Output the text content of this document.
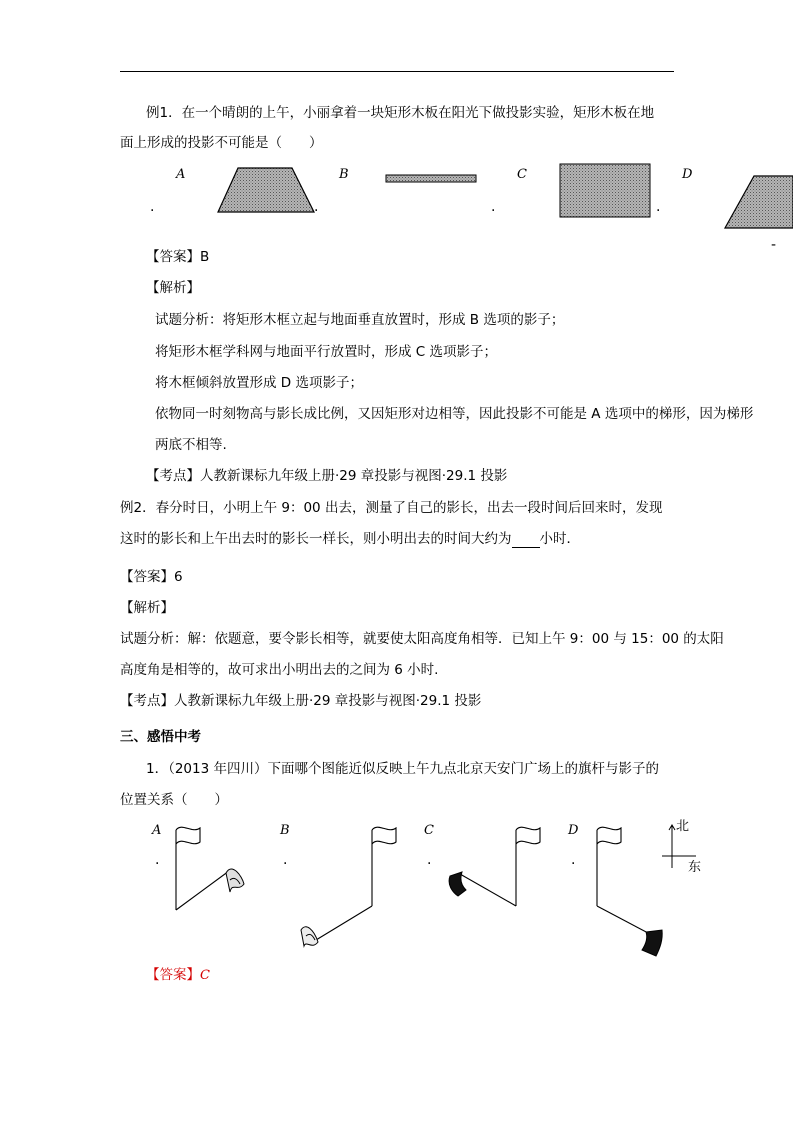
例1．在一个晴朗的上午，小丽拿着一块矩形木板在阳光下做投影实验，矩形木板在地
面上形成的投影不可能是（　　）
A	B	C	D
.	.	.	.
-
【答案】B
【解析】
试题分析：将矩形木框立起与地面垂直放置时，形成 B 选项的影子；
将矩形木框学科网与地面平行放置时，形成 C 选项影子；
将木框倾斜放置形成 D 选项影子；
依物同一时刻物高与影长成比例，又因矩形对边相等，因此投影不可能是 A 选项中的梯形，因为梯形
两底不相等.
【考点】人教新课标九年级上册·29 章投影与视图·29.1 投影
例2．春分时日，小明上午 9：00 出去，测量了自己的影长，出去一段时间后回来时，发现
这时的影长和上午出去时的影长一样长，则小明出去的时间大约为 小时．
【答案】6
【解析】
试题分析：解：依题意，要令影长相等，就要使太阳高度角相等．已知上午 9：00 与 15：00 的太阳
高度角是相等的，故可求出小明出去的之间为 6 小时.
【考点】人教新课标九年级上册·29 章投影与视图·29.1 投影
三、感悟中考
1．（2013 年四川）下面哪个图能近似反映上午九点北京天安门广场上的旗杆与影子的
位置关系（　　）
A	B	C	D
.	.	.	.
北
东
【答案】C
